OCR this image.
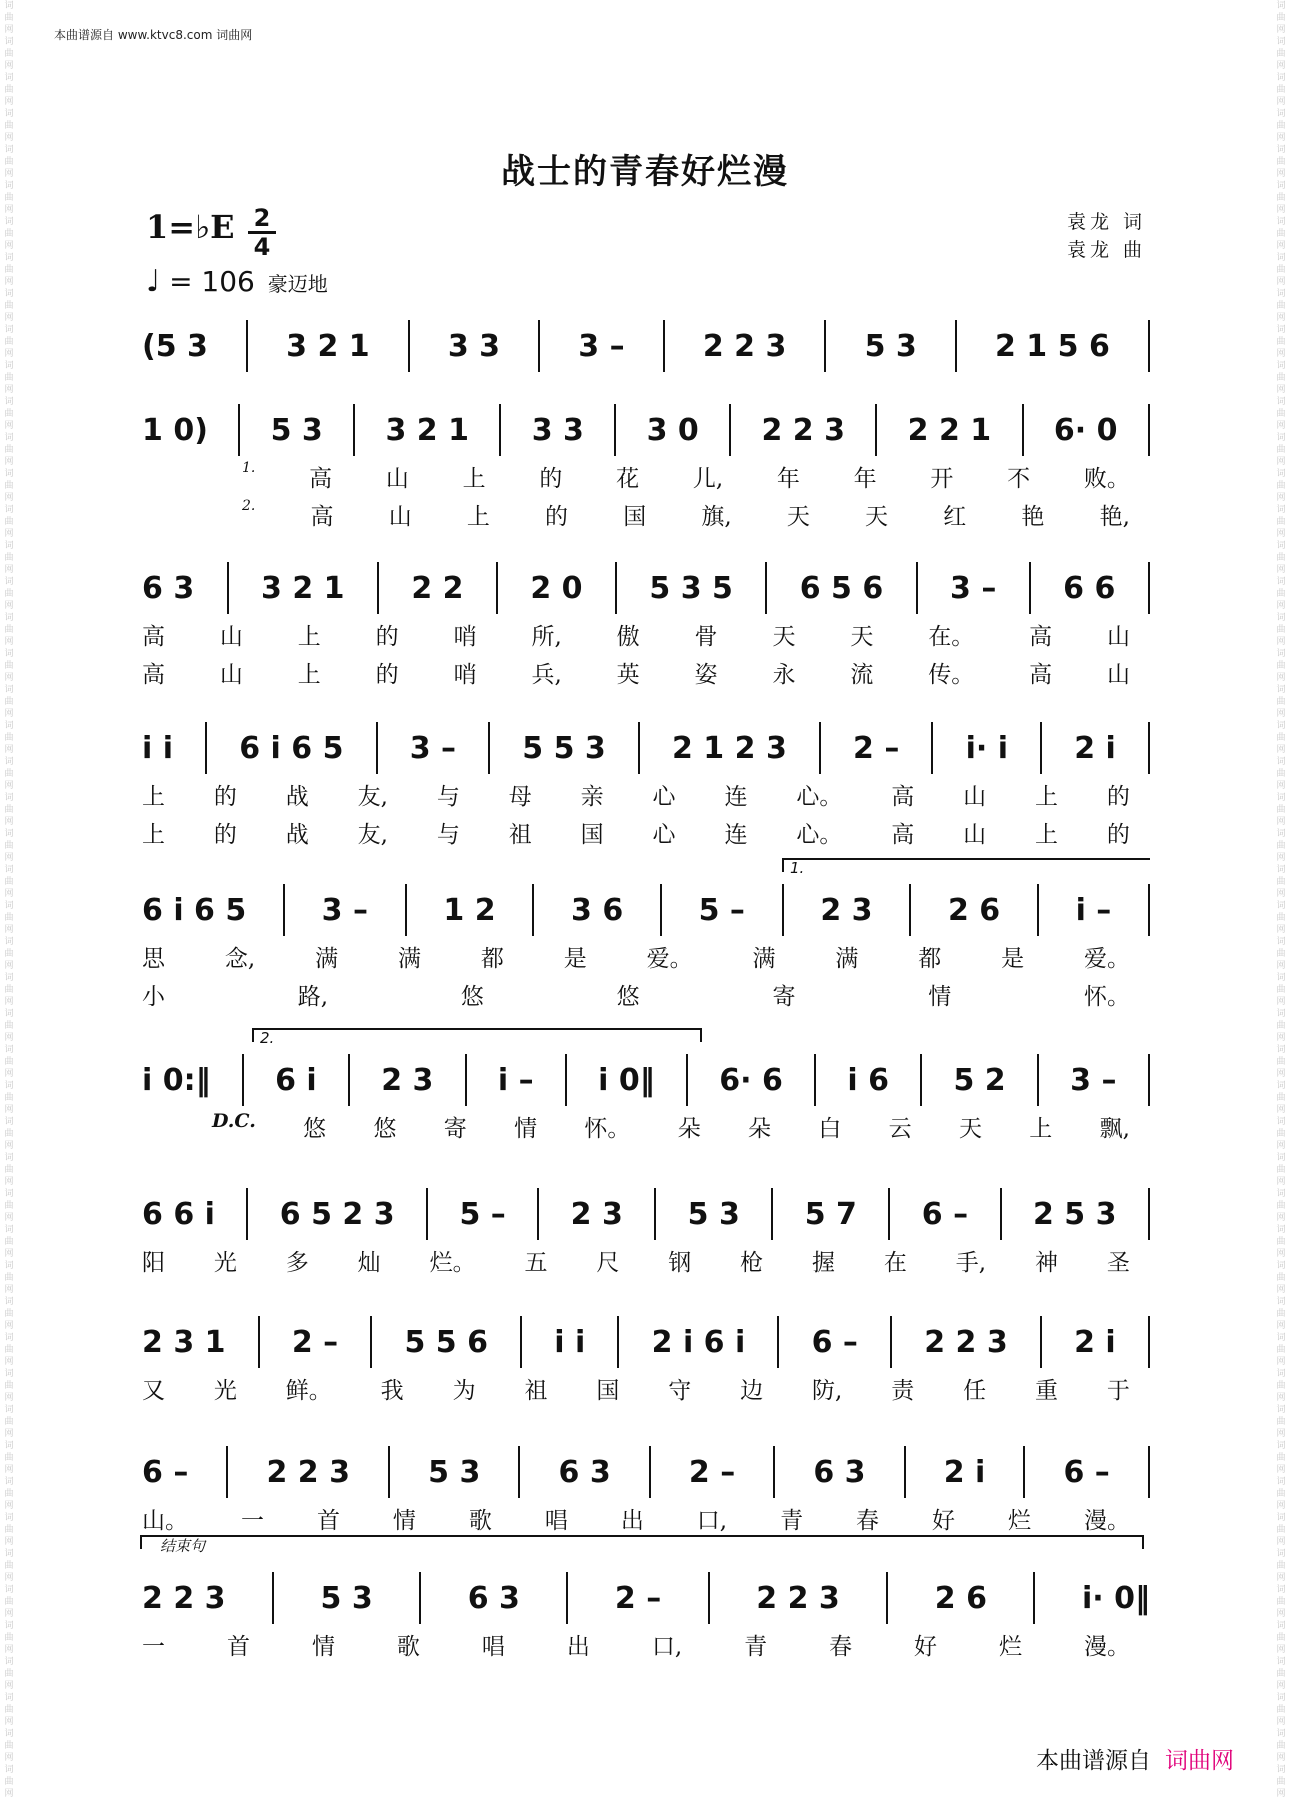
词曲网词曲网词曲网词曲网词曲网词曲网词曲网词曲网词曲网词曲网词曲网词曲网词曲网词曲网词曲网词曲网词曲网词曲网词曲网词曲网词曲网词曲网词曲网词曲网词曲网词曲网词曲网词曲网词曲网词曲网词曲网词曲网词曲网词曲网词曲网词曲网词曲网词曲网词曲网词曲网词曲网词曲网词曲网词曲网词曲网词曲网词曲网词曲网词曲网词曲网
词曲网词曲网词曲网词曲网词曲网词曲网词曲网词曲网词曲网词曲网词曲网词曲网词曲网词曲网词曲网词曲网词曲网词曲网词曲网词曲网词曲网词曲网词曲网词曲网词曲网词曲网词曲网词曲网词曲网词曲网词曲网词曲网词曲网词曲网词曲网词曲网词曲网词曲网词曲网词曲网词曲网词曲网词曲网词曲网词曲网词曲网词曲网词曲网词曲网词曲网
本曲谱源自 www.ktvc8.com 词曲网
战士的青春好烂漫
1=♭E 2
4
♩ = 106 豪迈地
袁龙 词
袁龙 曲
(5 3	3 2 1	3 3	3 –	2 2 3	5 3	2 1 5 6
1 0) 5 3 3 2 1 3 3 3 0 2 2 3 2 2 1 6· 0
1. 高 山 上 的 花 儿, 年 年 开 不 败。
2. 高 山 上 的 国 旗, 天 天 红 艳 艳,
6 3 3 2 1 2 2 2 0 5 3 5 6 5 6 3 – 6 6
高 山 上 的 哨 所, 傲 骨 天 天 在。 高 山
高 山 上 的 哨 兵, 英 姿 永 流 传。 高 山
i i 6 i 6 5 3 – 5 5 3 2 1 2 3 2 – i· i 2 i
上 的 战 友, 与 母 亲 心 连 心。 高 山 上 的
上 的 战 友, 与 祖 国 心 连 心。 高 山 上 的
1.
6 i 6 5	3 –	1 2	3 6	5 –	2 3	2 6	i –
思	念,	满	满	都	是	爱。	满	满	都	是	爱。
小	路,	悠	悠	寄	情	怀。
2.
i 0:‖ 6 i 2 3 i – i 0‖ 6· 6 i 6 5 2 3 –
D.C. 悠 悠 寄 情 怀。 朵 朵 白 云 天 上 飘,
6 6 i 6 5 2 3 5 – 2 3 5 3 5 7 6 – 2 5 3
阳 光 多 灿 烂。 五 尺 钢 枪 握 在 手, 神 圣
2 3 1 2 – 5 5 6 i i 2 i 6 i 6 – 2 2 3 2 i
又 光 鲜。 我 为 祖 国 守 边 防, 责 任 重 于
6 –	2 2 3	5 3	6 3	2 –	6 3	2 i	6 –
山。 一 首 情 歌 唱 出 口, 青 春 好 烂 漫。
2 2 3	5 3	6 3	2 –	2 2 3	2 6	i· 0‖
一	首	情	歌	唱	出	口,	青	春	好	烂	漫。
结束句
本曲谱源自 词曲网
